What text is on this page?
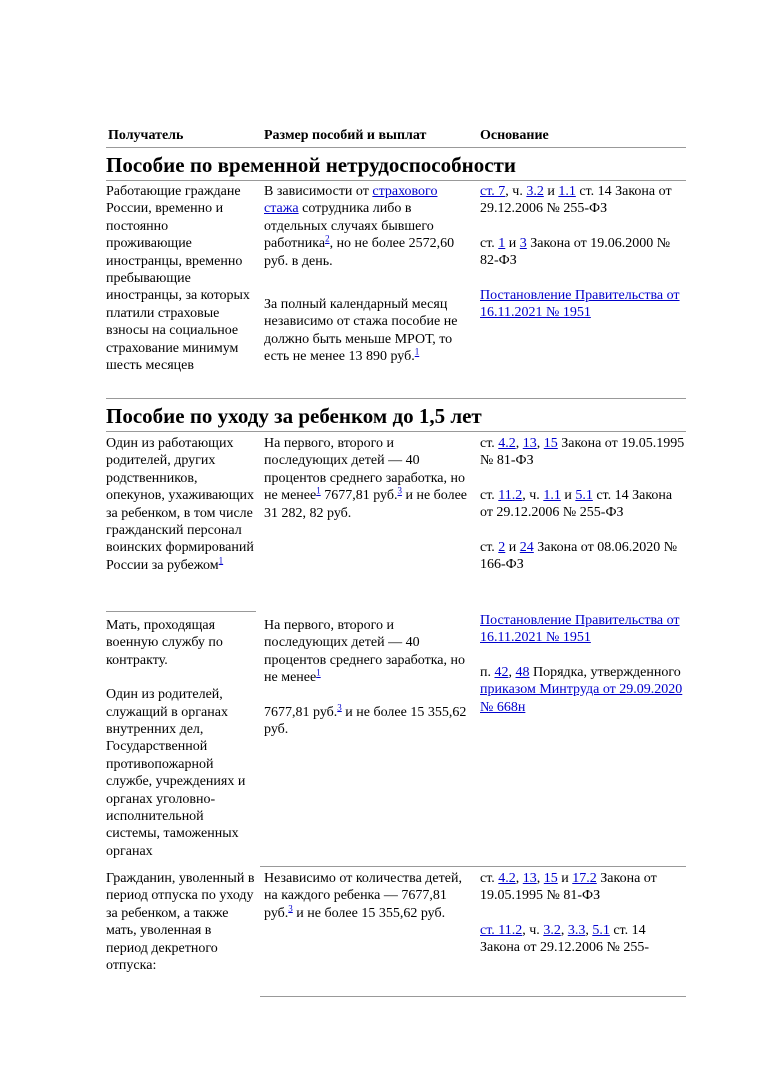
Получатель	Размер пособий и выплат	Основание
Пособие по временной нетрудоспособности
Работающие граждане России, временно и постоянно проживающие иностранцы, временно пребывающие иностранцы, за которых платили страховые взносы на социальное страхование минимум шесть месяцев
В зависимости от страхового стажа сотрудника либо в отдельных случаях бывшего работника$^2$, но не более 2572,60 руб. в день.
За полный календарный месяц независимо от стажа пособие не должно быть меньше МРОТ, то есть не менее 13 890 руб.$^1$
ст. 7, ч. 3.2 и 1.1 ст. 14 Закона от 29.12.2006 № 255-ФЗ
ст. 1 и 3 Закона от 19.06.2000 № 82-ФЗ
Постановление Правительства от 16.11.2021 № 1951
Пособие по уходу за ребенком до 1,5 лет
Один из работающих родителей, других родственников, опекунов, ухаживающих за ребенком, в том числе гражданский персонал воинских формирований России за рубежом$^1$
На первого, второго и последующих детей — 40 процентов среднего заработка, но не менее$^1$ 7677,81 руб.$^3$ и не более 31 282, 82 руб.
ст. 4.2, 13, 15 Закона от 19.05.1995 № 81-ФЗ
ст. 11.2, ч. 1.1 и 5.1 ст. 14 Закона от 29.12.2006 № 255-ФЗ
ст. 2 и 24 Закона от 08.06.2020 № 166-ФЗ
Мать, проходящая военную службу по контракту.
Один из родителей, служащий в органах внутренних дел, Государственной противопожарной службе, учреждениях и органах уголовно-исполнительной системы, таможенных органах
На первого, второго и последующих детей — 40 процентов среднего заработка, но не менее$^1$
7677,81 руб.$^3$ и не более 15 355,62 руб.
Постановление Правительства от 16.11.2021 № 1951
п. 42, 48 Порядка, утвержденного приказом Минтруда от 29.09.2020 № 668н
Гражданин, уволенный в период отпуска по уходу за ребенком, а также мать, уволенная в период декретного отпуска:
Независимо от количества детей, на каждого ребенка — 7677,81 руб.$^3$ и не более 15 355,62 руб.
ст. 4.2, 13, 15 и 17.2 Закона от 19.05.1995 № 81-ФЗ
ст. 11.2, ч. 3.2, 3.3, 5.1 ст. 14 Закона от 29.12.2006 № 255-
